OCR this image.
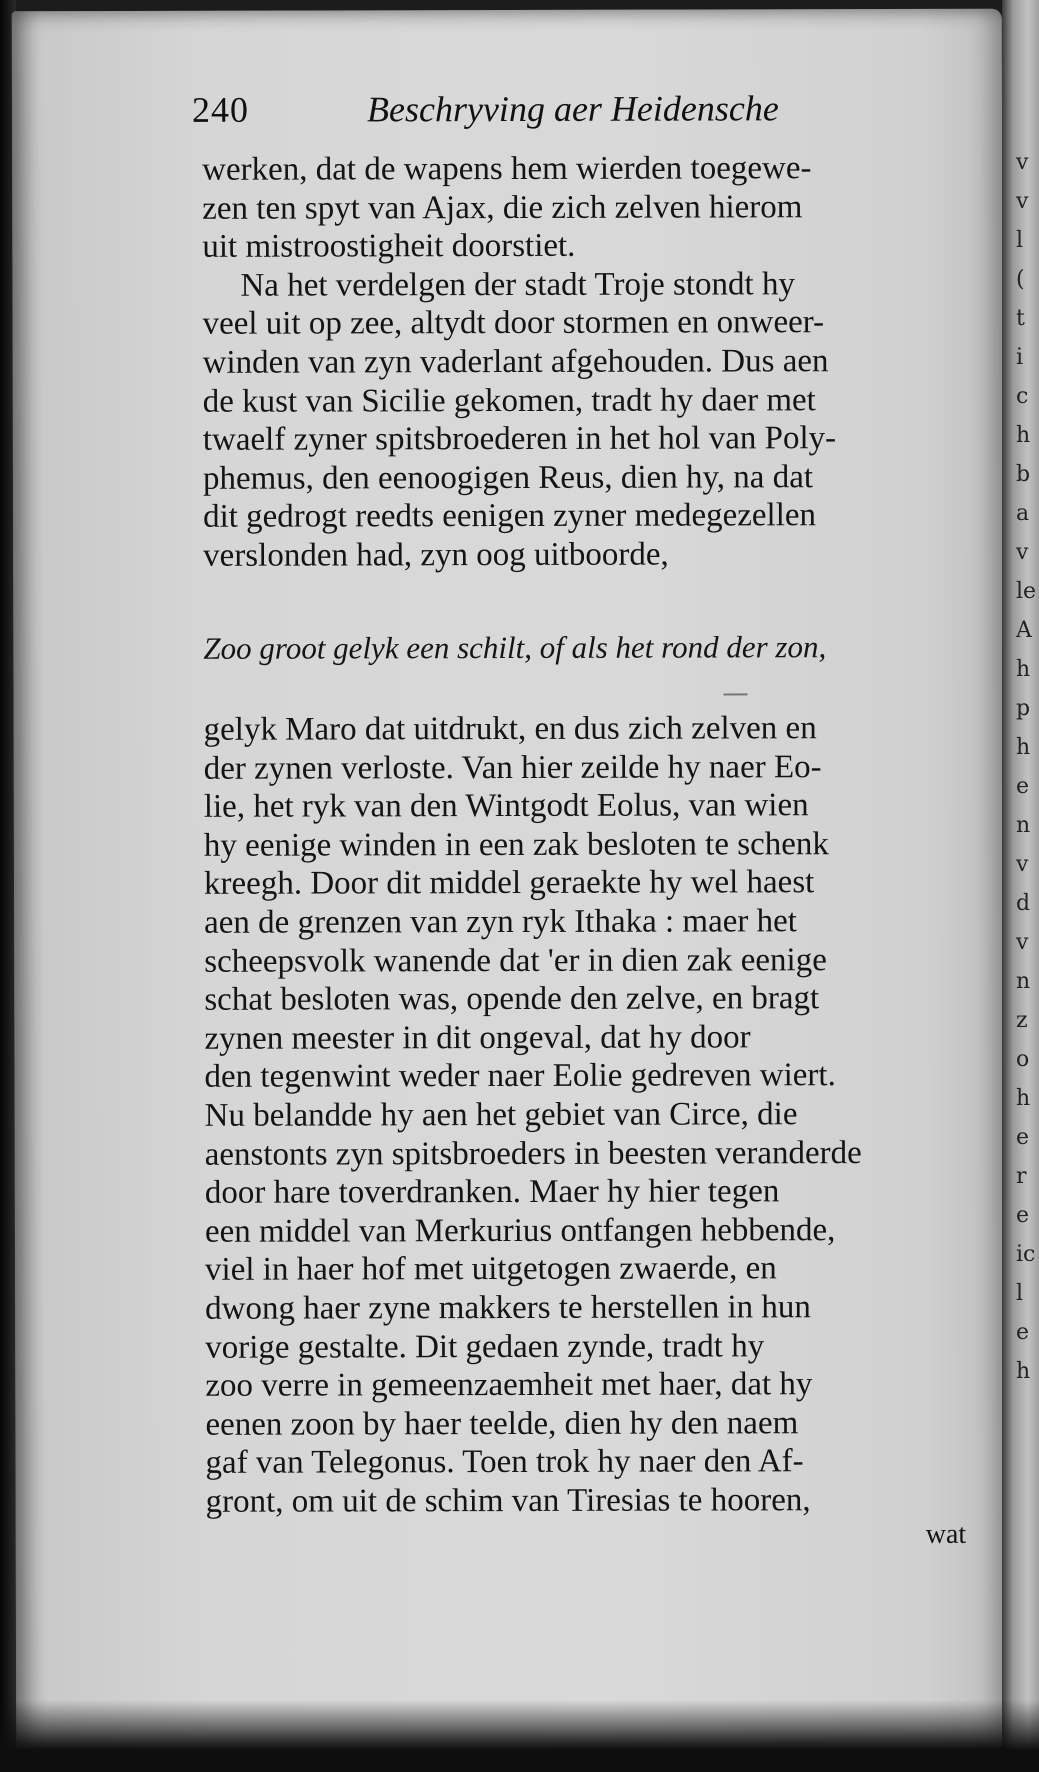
240	Beschryving aer Heidensche

werken, dat de wapens hem wierden toegewe-
zen ten spyt van Ajax, die zich zelven hierom
uit mistroostigheit doorstiet.
Na het verdelgen der stadt Troje stondt hy
veel uit op zee, altydt door stormen en onweer-
winden van zyn vaderlant afgehouden. Dus aen
de kust van Sicilie gekomen, tradt hy daer met
twaelf zyner spitsbroederen in het hol van Poly-
phemus, den eenoogigen Reus, dien hy, na dat
dit gedrogt reedts eenigen zyner medegezellen
verslonden had, zyn oog uitboorde,

Zoo groot gelyk een schilt, of als het rond der zon,

gelyk Maro dat uitdrukt, en dus zich zelven en
der zynen verloste. Van hier zeilde hy naer Eo-
lie, het ryk van den Wintgodt Eolus, van wien
hy eenige winden in een zak besloten te schenk
kreegh. Door dit middel geraekte hy wel haest
aen de grenzen van zyn ryk Ithaka : maer het
scheepsvolk wanende dat 'er in dien zak eenige
schat besloten was, opende den zelve, en bragt
zynen meester in dit ongeval, dat hy door
den tegenwint weder naer Eolie gedreven wiert.
Nu belandde hy aen het gebiet van Circe, die
aenstonts zyn spitsbroeders in beesten veranderde
door hare toverdranken. Maer hy hier tegen
een middel van Merkurius ontfangen hebbende,
viel in haer hof met uitgetogen zwaerde, en
dwong haer zyne makkers te herstellen in hun
vorige gestalte. Dit gedaen zynde, tradt hy
zoo verre in gemeenzaemheit met haer, dat hy
eenen zoon by haer teelde, dien hy den naem
gaf van Telegonus. Toen trok hy naer den Af-
gront, om uit de schim van Tiresias te hooren,

wat
v
v
l
(
t
i
c
h
b
a
v
le
A
h
p
h
e
n
v
d
v
n
z
o
h
e
r
e
ic
l
e
h
